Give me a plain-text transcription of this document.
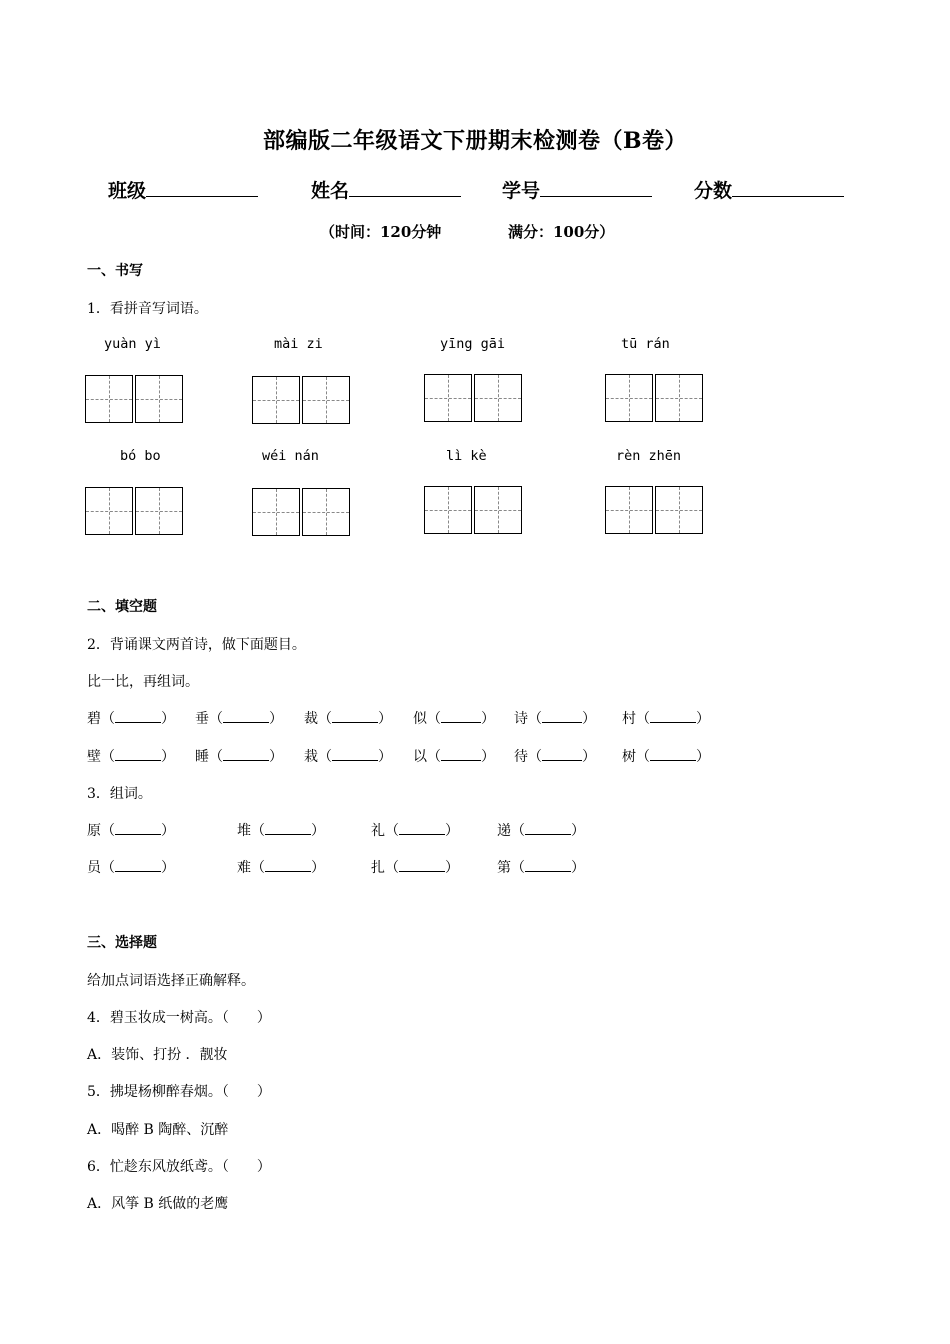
部编版二年级语文下册期末检测卷（B卷）
班级	姓名	学号	分数
（时间：120分钟	满分：100分）
一、书写
1．看拼音写词语。
yuàn yì	mài zi	yīng gāi	tū rán
bó bo	wéi nán	lì kè	rèn zhēn
二、填空题
2．背诵课文两首诗，做下面题目。
比一比，再组词。
碧（	） 垂（	） 裁（	） 似（	） 诗（	） 村（	）
壁（	） 睡（	） 栽（	） 以（	） 待（	） 树（	）
3．组词。
原（	）	堆（	）	礼（	）	递（	）
员（	）	难（	）	扎（	）	第（	）
三、选择题
给加点词语选择正确解释。
4．碧玉妆成一树高。（　　）
A．装饰、打扮 ．靓妆
5．拂堤杨柳醉春烟。（　　）
A．喝醉 B 陶醉、沉醉
6．忙趁东风放纸鸢。（　　）
A．风筝 B 纸做的老鹰
